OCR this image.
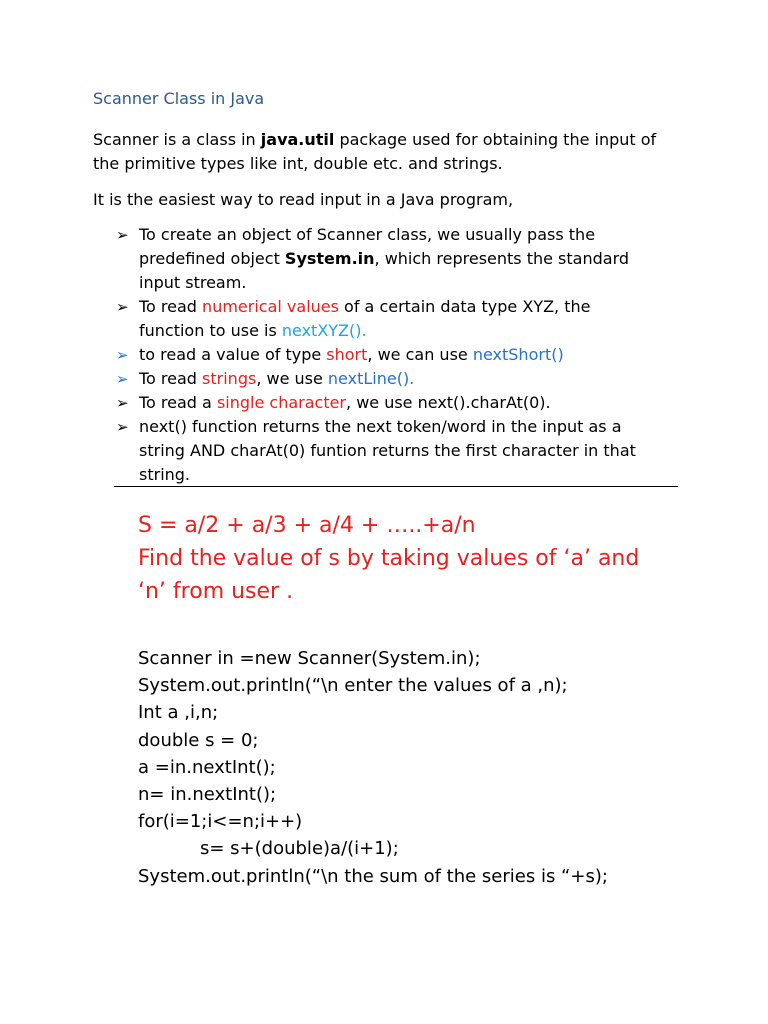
Scanner Class in Java
Scanner is a class in java.util package used for obtaining the input of
the primitive types like int, double etc. and strings.
It is the easiest way to read input in a Java program,
➢ To create an object of Scanner class, we usually pass the
predefined object System.in, which represents the standard
input stream.
➢ To read numerical values of a certain data type XYZ, the
function to use is nextXYZ().
➢ to read a value of type short, we can use nextShort()
➢ To read strings, we use nextLine().
➢ To read a single character, we use next().charAt(0).
➢ next() function returns the next token/word in the input as a
string AND charAt(0) funtion returns the first character in that
string.
S = a/2 + a/3 + a/4 + …..+a/n
Find the value of s by taking values of ‘a’ and
‘n’ from user .
Scanner in =new Scanner(System.in);
System.out.println(“\n enter the values of a ,n);
Int a ,i,n;
double s = 0;
a =in.nextInt();
n= in.nextInt();
for(i=1;i<=n;i++)
s= s+(double)a/(i+1);
System.out.println(“\n the sum of the series is “+s);
